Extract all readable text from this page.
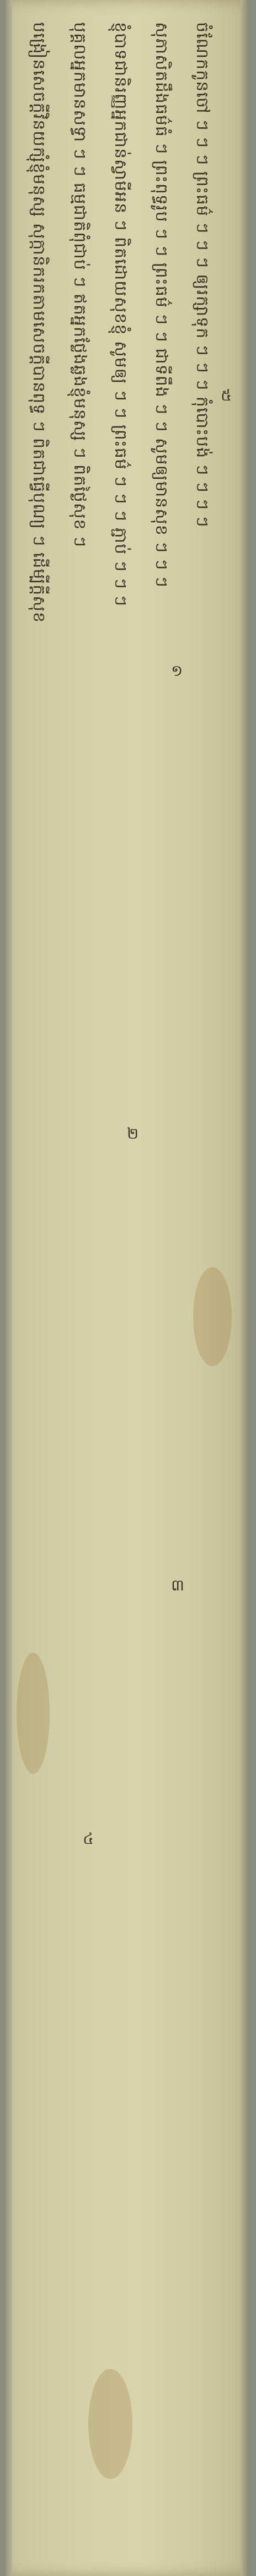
បង្រៀនសេចក្តីវិនយក្សុំខ្ញុំមនុស្ស សុក្កានិករកតាមសេចក្តីបានពុទ្ធ ៗ ពិតជាធ្វើបុណ្យ ៗ ដើម្បីក្តីសុខ បុគ្គលអ្នកមានសទ្ធា ៗ ៗ ធម្មជាតិពុំជាប់ ៗ ឥតអ្នកថ្លែងឆ្លងខ្ញុំមនុស្ស ៗ ពិតថ្ងៃសុខ ៗ ខ្ញុំបាទជានិរញ្ញអ្នកជាន់ស្វាមីអន ៗ ពិតដោយសុខខ្ញុំ សូមឲ្យ ៗ ៗ ព្រះធម៌ ៗ ៗ ៗ ភ្ជាប់ ៗ ៗ ៗ សុភាសិតដឹងធម៌ធំ ៗ ព្រះពុទ្ធរូប ៗ ៗ ព្រះធម៌ ៗ ៗ ជាទីពឹង ៗ ៗ សូមឲ្យមានសុខ ៗ ៗ ៗ ចំណែកកូនចៅ ៗ ៗ ៗ ព្រះធម៌ ៗ ៗ ៗ ឲ្យរក្សាទុក ៗ ៗ ៗ កុំបោះបង់ ៗ ៗ ៗ ៗ
១
២
៣
៤
៥
